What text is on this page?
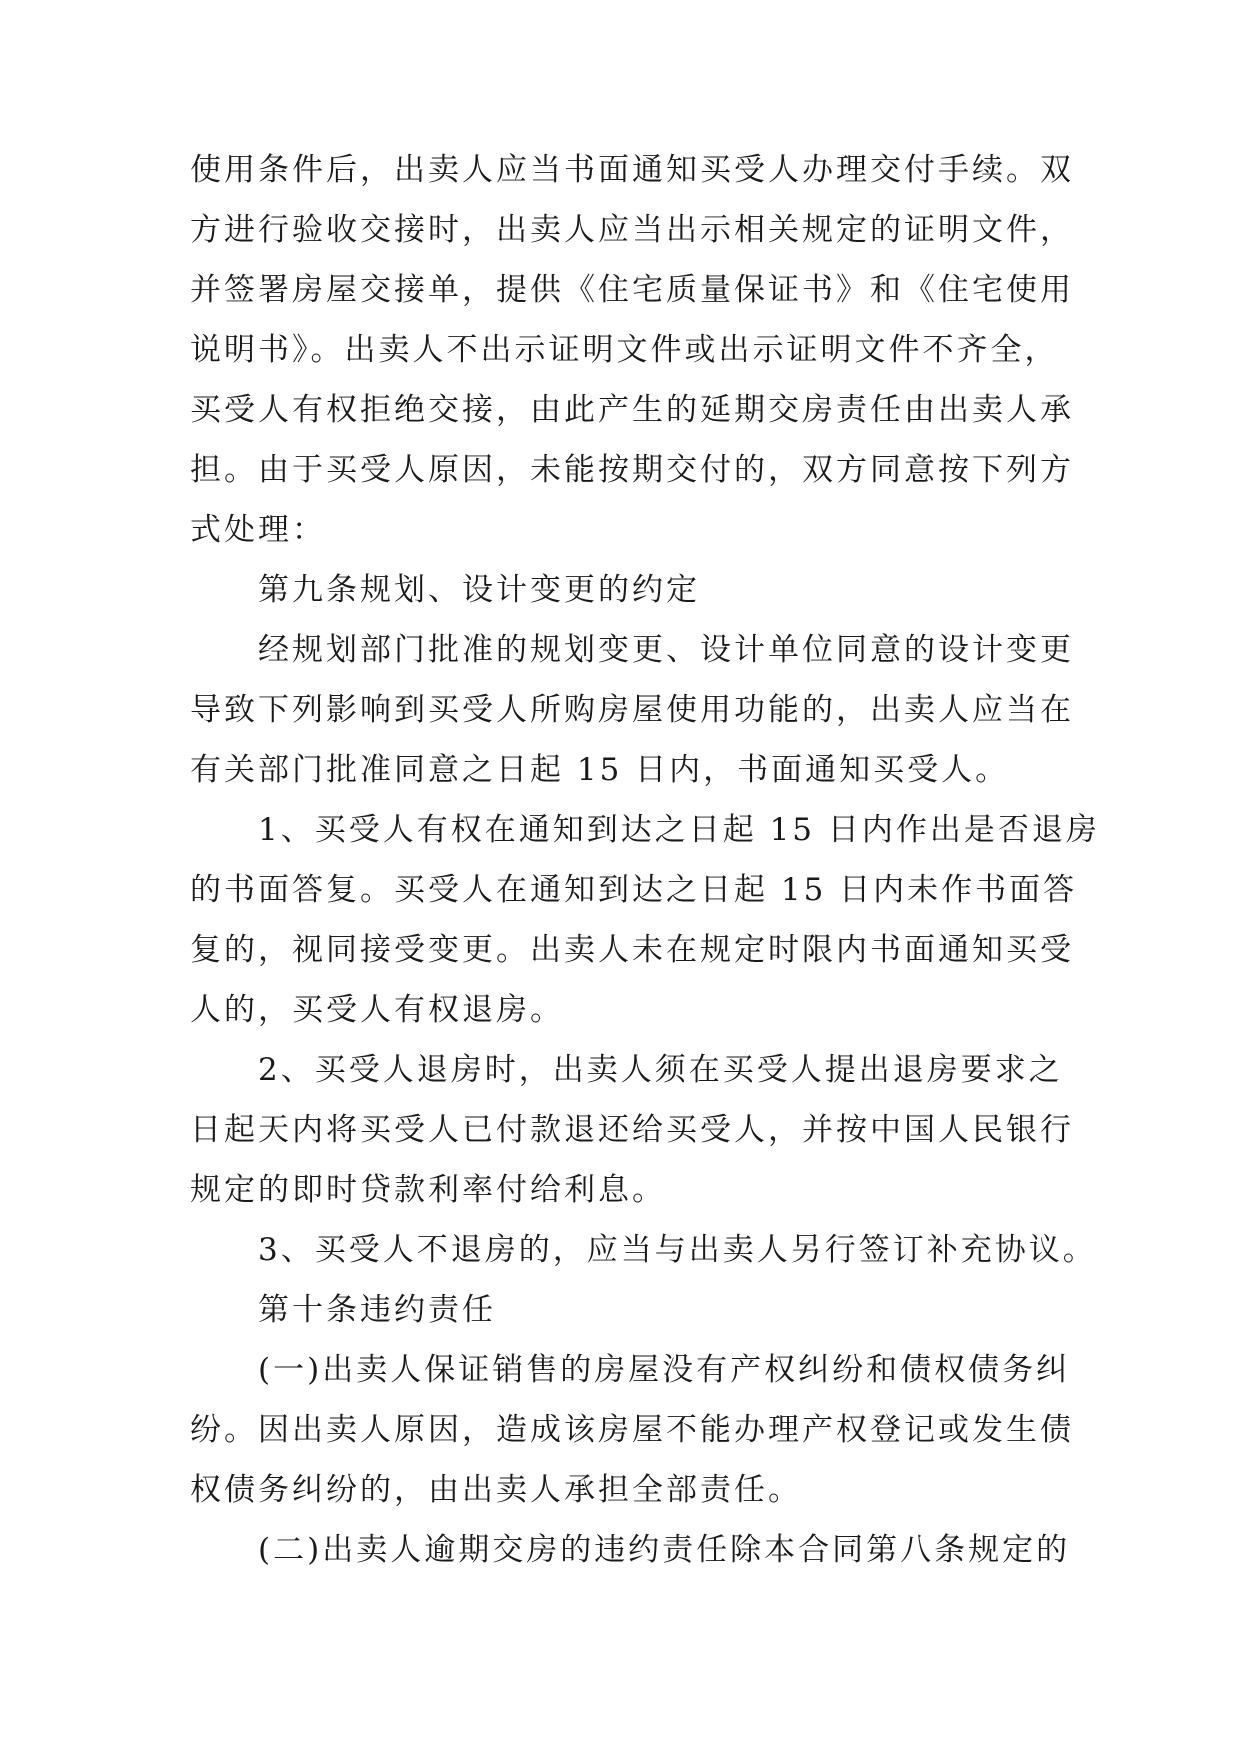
使用条件后，出卖人应当书面通知买受人办理交付手续。双

方进行验收交接时，出卖人应当出示相关规定的证明文件，

并签署房屋交接单，提供《住宅质量保证书》和《住宅使用

说明书》。出卖人不出示证明文件或出示证明文件不齐全，

买受人有权拒绝交接，由此产生的延期交房责任由出卖人承

担。由于买受人原因，未能按期交付的，双方同意按下列方

式处理：

第九条规划、设计变更的约定

经规划部门批准的规划变更、设计单位同意的设计变更

导致下列影响到买受人所购房屋使用功能的，出卖人应当在

有关部门批准同意之日起 15 日内，书面通知买受人。

1、买受人有权在通知到达之日起 15 日内作出是否退房

的书面答复。买受人在通知到达之日起 15 日内未作书面答

复的，视同接受变更。出卖人未在规定时限内书面通知买受

人的，买受人有权退房。

2、买受人退房时，出卖人须在买受人提出退房要求之

日起天内将买受人已付款退还给买受人，并按中国人民银行

规定的即时贷款利率付给利息。

3、买受人不退房的，应当与出卖人另行签订补充协议。

第十条违约责任

(一)出卖人保证销售的房屋没有产权纠纷和债权债务纠

纷。因出卖人原因，造成该房屋不能办理产权登记或发生债

权债务纠纷的，由出卖人承担全部责任。

(二)出卖人逾期交房的违约责任除本合同第八条规定的
